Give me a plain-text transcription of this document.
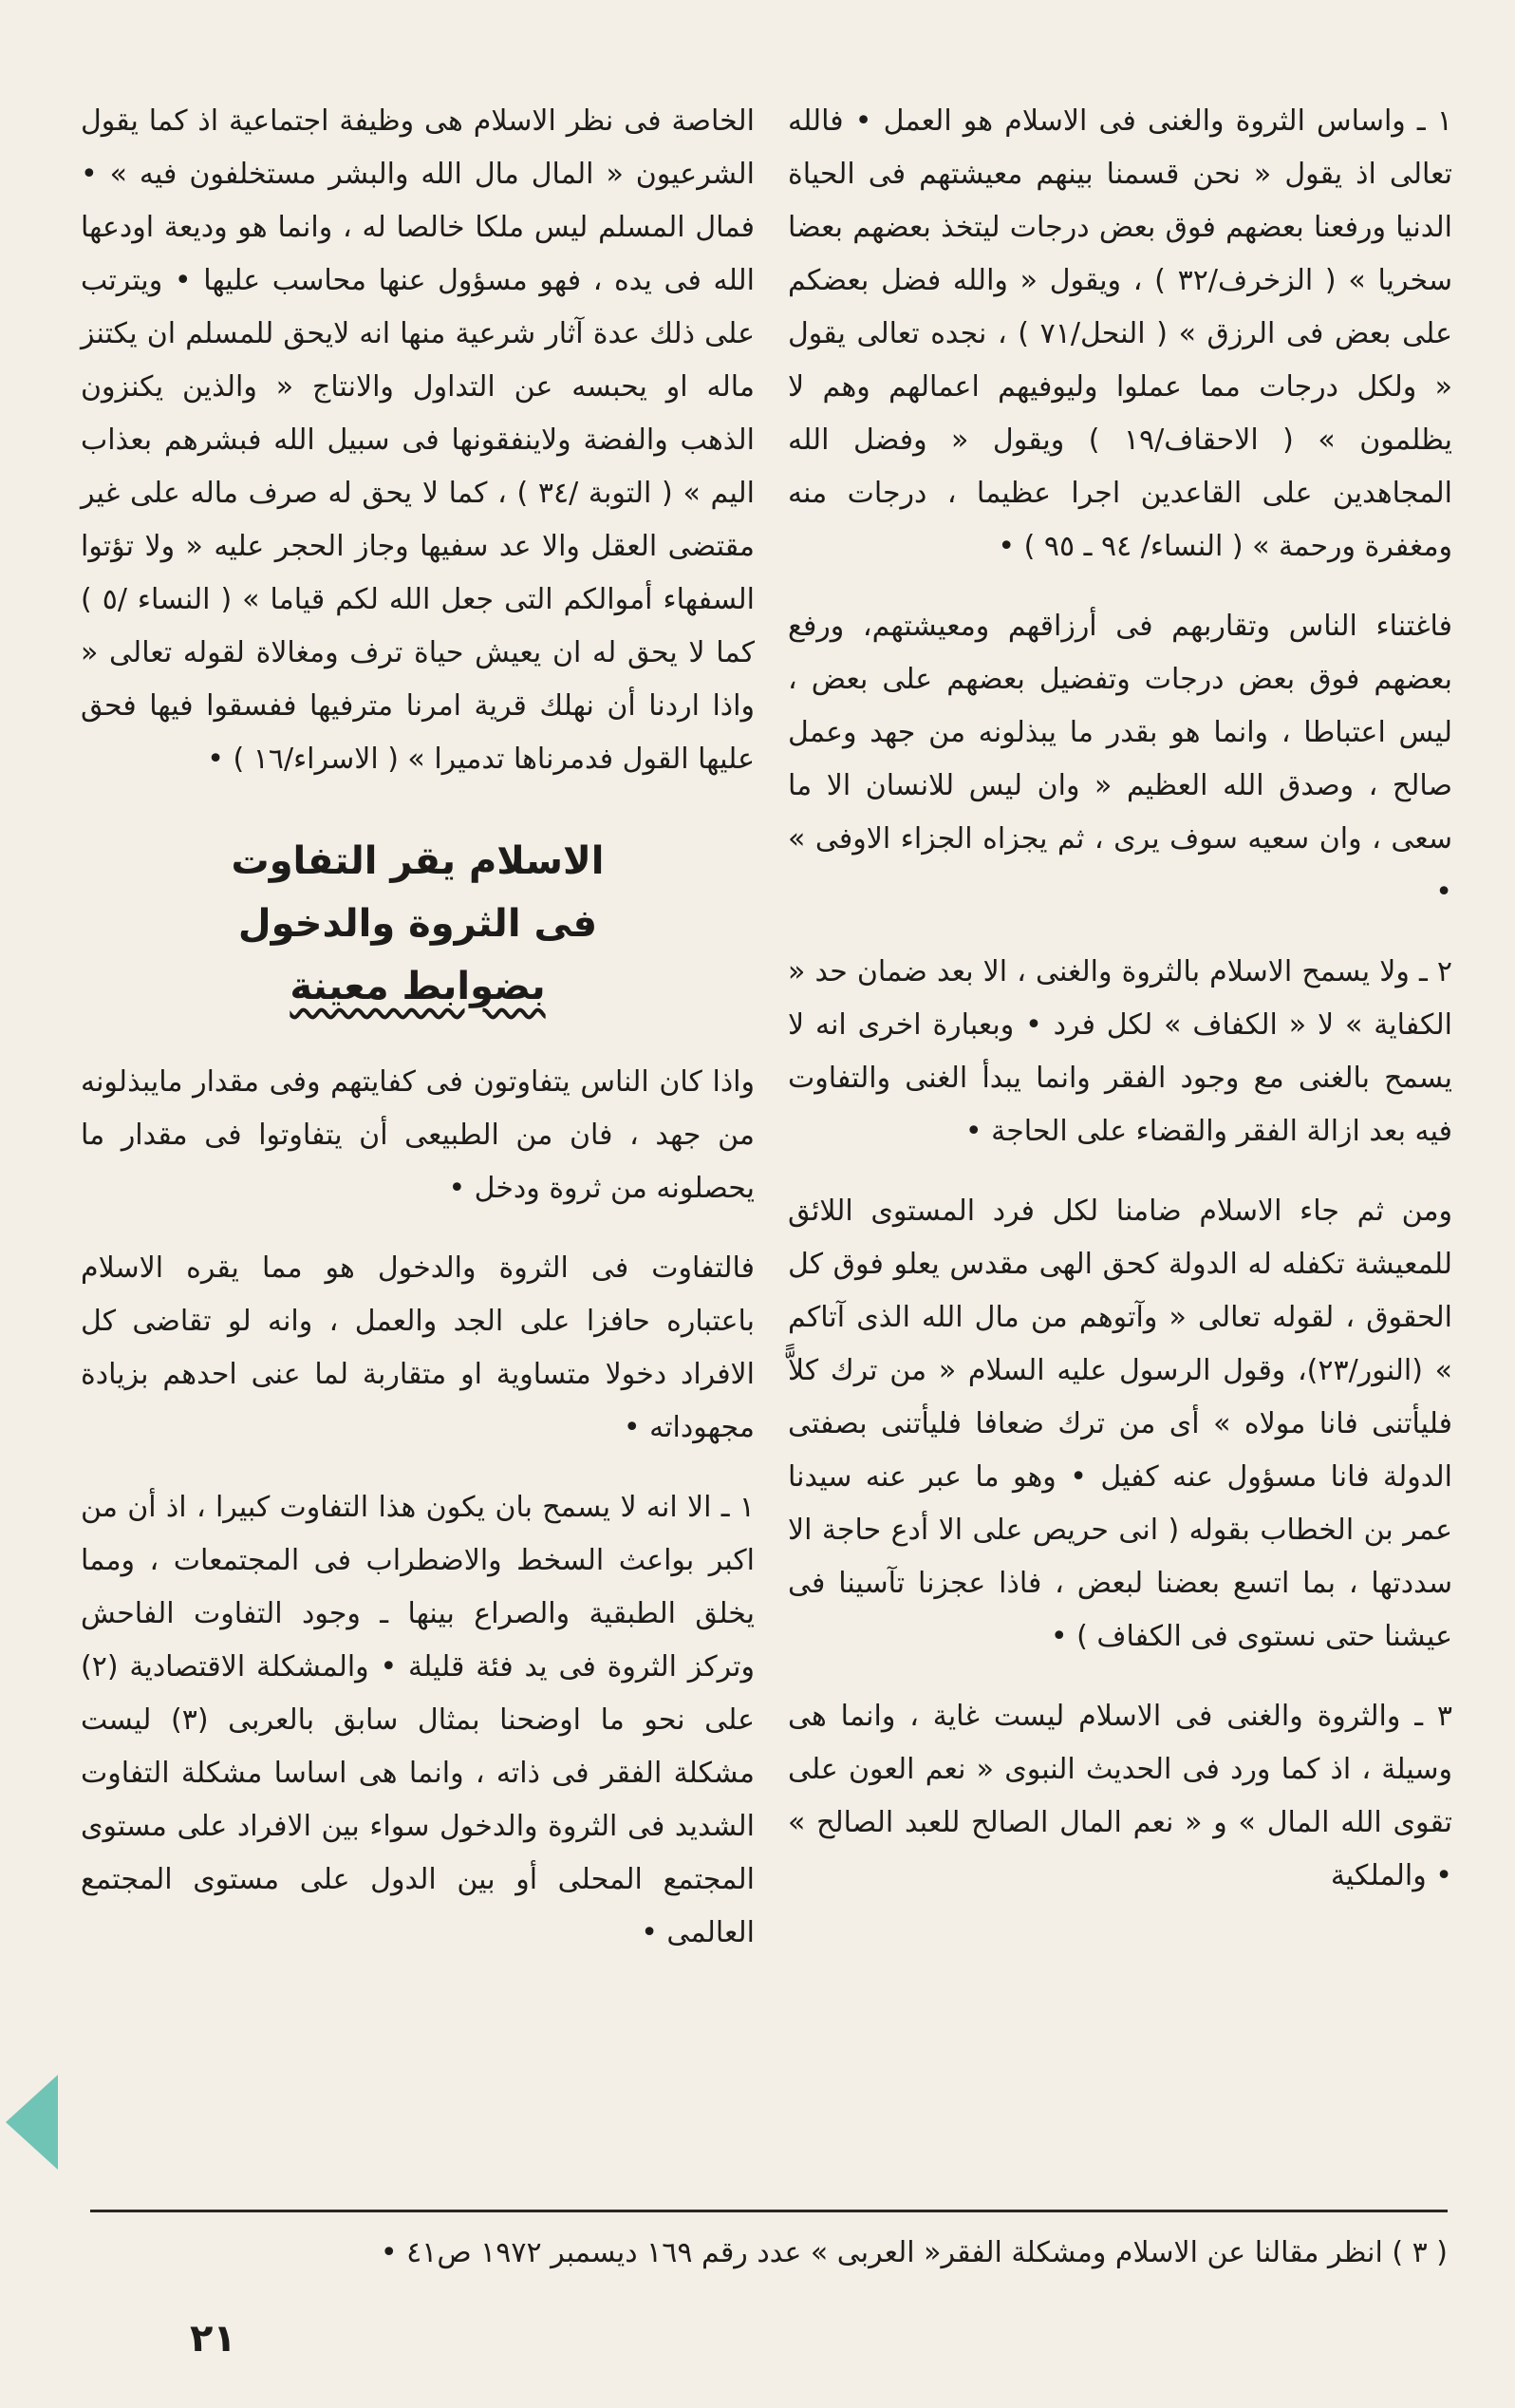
١ ـ واساس الثروة والغنى فى الاسلام هو العمل • فالله تعالى اذ يقول « نحن قسمنا بينهم معيشتهم فى الحياة الدنيا ورفعنا بعضهم فوق بعض درجات ليتخذ بعضهم بعضا سخريا » ( الزخرف/٣٢ ) ، ويقول « والله فضل بعضكم على بعض فى الرزق » ( النحل/٧١ ) ، نجده تعالى يقول « ولكل درجات مما عملوا وليوفيهم اعمالهم وهم لا يظلمون » ( الاحقاف/١٩ ) ويقول « وفضل الله المجاهدين على القاعدين اجرا عظيما ، درجات منه ومغفرة ورحمة » ( النساء/ ٩٤ ـ ٩٥ ) •

فاغتناء الناس وتقاربهم فى أرزاقهم ومعيشتهم، ورفع بعضهم فوق بعض درجات وتفضيل بعضهم على بعض ، ليس اعتباطا ، وانما هو بقدر ما يبذلونه من جهد وعمل صالح ، وصدق الله العظيم « وان ليس للانسان الا ما سعى ، وان سعيه سوف يرى ، ثم يجزاه الجزاء الاوفى » •

٢ ـ ولا يسمح الاسلام بالثروة والغنى ، الا بعد ضمان حد « الكفاية » لا « الكفاف » لكل فرد • وبعبارة اخرى انه لا يسمح بالغنى مع وجود الفقر وانما يبدأ الغنى والتفاوت فيه بعد ازالة الفقر والقضاء على الحاجة •

ومن ثم جاء الاسلام ضامنا لكل فرد المستوى اللائق للمعيشة تكفله له الدولة كحق الهى مقدس يعلو فوق كل الحقوق ، لقوله تعالى « وآتوهم من مال الله الذى آتاكم » (النور/٢٣)، وقول الرسول عليه السلام « من ترك كلاًّ فليأتنى فانا مولاه » أى من ترك ضعافا فليأتنى بصفتى الدولة فانا مسؤول عنه كفيل • وهو ما عبر عنه سيدنا عمر بن الخطاب بقوله ( انى حريص على الا أدع حاجة الا سددتها ، بما اتسع بعضنا لبعض ، فاذا عجزنا تآسينا فى عيشنا حتى نستوى فى الكفاف ) •

٣ ـ والثروة والغنى فى الاسلام ليست غاية ، وانما هى وسيلة ، اذ كما ورد فى الحديث النبوى « نعم العون على تقوى الله المال » و « نعم المال الصالح للعبد الصالح » • والملكية

الخاصة فى نظر الاسلام هى وظيفة اجتماعية اذ كما يقول الشرعيون « المال مال الله والبشر مستخلفون فيه » • فمال المسلم ليس ملكا خالصا له ، وانما هو وديعة اودعها الله فى يده ، فهو مسؤول عنها محاسب عليها • ويترتب على ذلك عدة آثار شرعية منها انه لايحق للمسلم ان يكتنز ماله او يحبسه عن التداول والانتاج « والذين يكنزون الذهب والفضة ولاينفقونها فى سبيل الله فبشرهم بعذاب اليم » ( التوبة /٣٤ ) ، كما لا يحق له صرف ماله على غير مقتضى العقل والا عد سفيها وجاز الحجر عليه « ولا تؤتوا السفهاء أموالكم التى جعل الله لكم قياما » ( النساء /٥ ) كما لا يحق له ان يعيش حياة ترف ومغالاة لقوله تعالى « واذا اردنا أن نهلك قرية امرنا مترفيها ففسقوا فيها فحق عليها القول فدمرناها تدميرا » ( الاسراء/١٦ ) •

الاسلام يقر التفاوت
فى الثروة والدخول
بضوابط معينة

واذا كان الناس يتفاوتون فى كفايتهم وفى مقدار مايبذلونه من جهد ، فان من الطبيعى أن يتفاوتوا فى مقدار ما يحصلونه من ثروة ودخل •

فالتفاوت فى الثروة والدخول هو مما يقره الاسلام باعتباره حافزا على الجد والعمل ، وانه لو تقاضى كل الافراد دخولا متساوية او متقاربة لما عنى احدهم بزيادة مجهوداته •

١ ـ الا انه لا يسمح بان يكون هذا التفاوت كبيرا ، اذ أن من اكبر بواعث السخط والاضطراب فى المجتمعات ، ومما يخلق الطبقية والصراع بينها ـ وجود التفاوت الفاحش وتركز الثروة فى يد فئة قليلة • والمشكلة الاقتصادية (٢) على نحو ما اوضحنا بمثال سابق بالعربى (٣) ليست مشكلة الفقر فى ذاته ، وانما هى اساسا مشكلة التفاوت الشديد فى الثروة والدخول سواء بين الافراد على مستوى المجتمع المحلى أو بين الدول على مستوى المجتمع العالمى •

( ٣ ) انظر مقالنا عن الاسلام ومشكلة الفقر« العربى » عدد رقم ١٦٩ ديسمبر ١٩٧٢ ص٤١ •
٢١
